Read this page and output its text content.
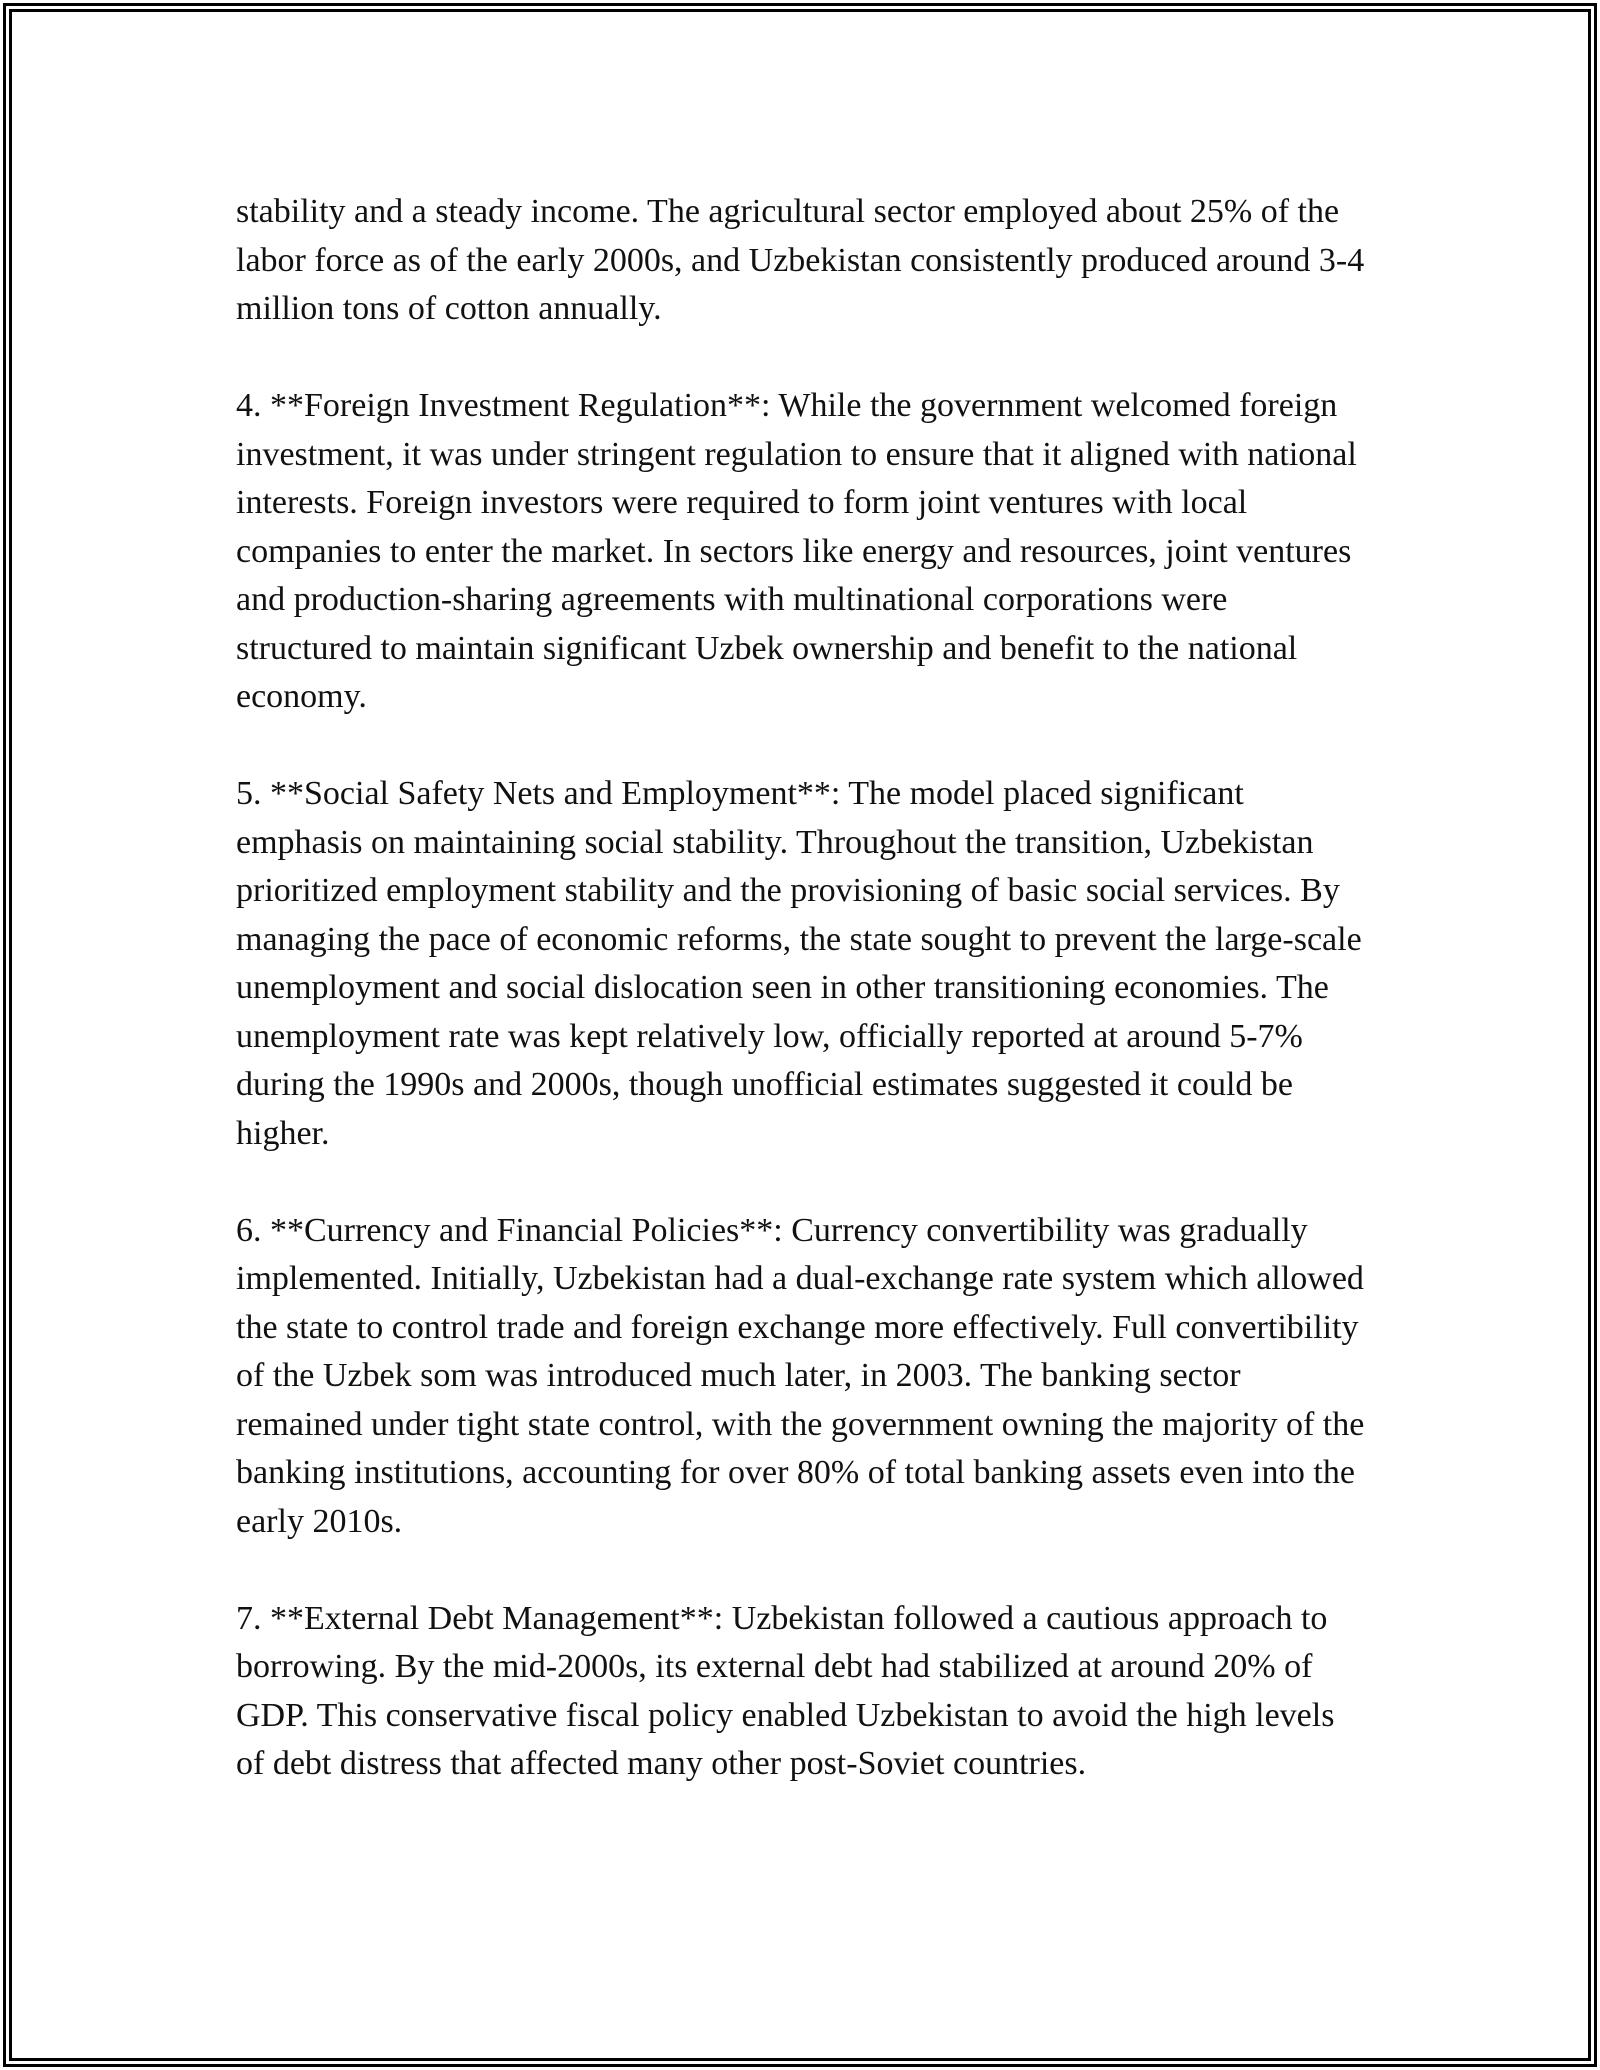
stability and a steady income. The agricultural sector employed about 25% of the labor force as of the early 2000s, and Uzbekistan consistently produced around 3-4 million tons of cotton annually.

4. **Foreign Investment Regulation**: While the government welcomed foreign investment, it was under stringent regulation to ensure that it aligned with national interests. Foreign investors were required to form joint ventures with local companies to enter the market. In sectors like energy and resources, joint ventures and production-sharing agreements with multinational corporations were structured to maintain significant Uzbek ownership and benefit to the national economy.

5. **Social Safety Nets and Employment**: The model placed significant emphasis on maintaining social stability. Throughout the transition, Uzbekistan prioritized employment stability and the provisioning of basic social services. By managing the pace of economic reforms, the state sought to prevent the large-scale unemployment and social dislocation seen in other transitioning economies. The unemployment rate was kept relatively low, officially reported at around 5-7% during the 1990s and 2000s, though unofficial estimates suggested it could be higher.

6. **Currency and Financial Policies**: Currency convertibility was gradually implemented. Initially, Uzbekistan had a dual-exchange rate system which allowed the state to control trade and foreign exchange more effectively. Full convertibility of the Uzbek som was introduced much later, in 2003. The banking sector remained under tight state control, with the government owning the majority of the banking institutions, accounting for over 80% of total banking assets even into the early 2010s.

7. **External Debt Management**: Uzbekistan followed a cautious approach to borrowing. By the mid-2000s, its external debt had stabilized at around 20% of GDP. This conservative fiscal policy enabled Uzbekistan to avoid the high levels of debt distress that affected many other post-Soviet countries.
